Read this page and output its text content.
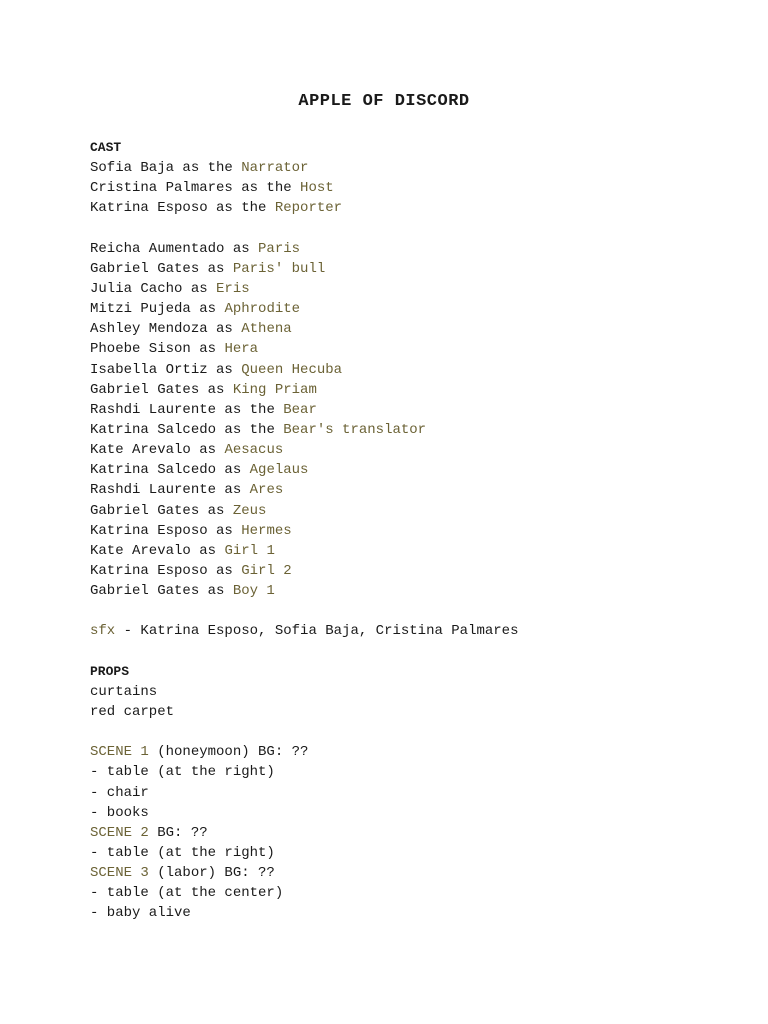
APPLE OF DISCORD
CAST
Sofia Baja as the Narrator
Cristina Palmares as the Host
Katrina Esposo as the Reporter
Reicha Aumentado as Paris
Gabriel Gates as Paris' bull
Julia Cacho as Eris
Mitzi Pujeda as Aphrodite
Ashley Mendoza as Athena
Phoebe Sison as Hera
Isabella Ortiz as Queen Hecuba
Gabriel Gates as King Priam
Rashdi Laurente as the Bear
Katrina Salcedo as the Bear's translator
Kate Arevalo as Aesacus
Katrina Salcedo as Agelaus
Rashdi Laurente as Ares
Gabriel Gates as Zeus
Katrina Esposo as Hermes
Kate Arevalo as Girl 1
Katrina Esposo as Girl 2
Gabriel Gates as Boy 1
sfx - Katrina Esposo, Sofia Baja, Cristina Palmares
PROPS
curtains
red carpet
SCENE 1 (honeymoon) BG: ??
- table (at the right)
- chair
- books
SCENE 2 BG: ??
- table (at the right)
SCENE 3 (labor) BG: ??
- table (at the center)
- baby alive
